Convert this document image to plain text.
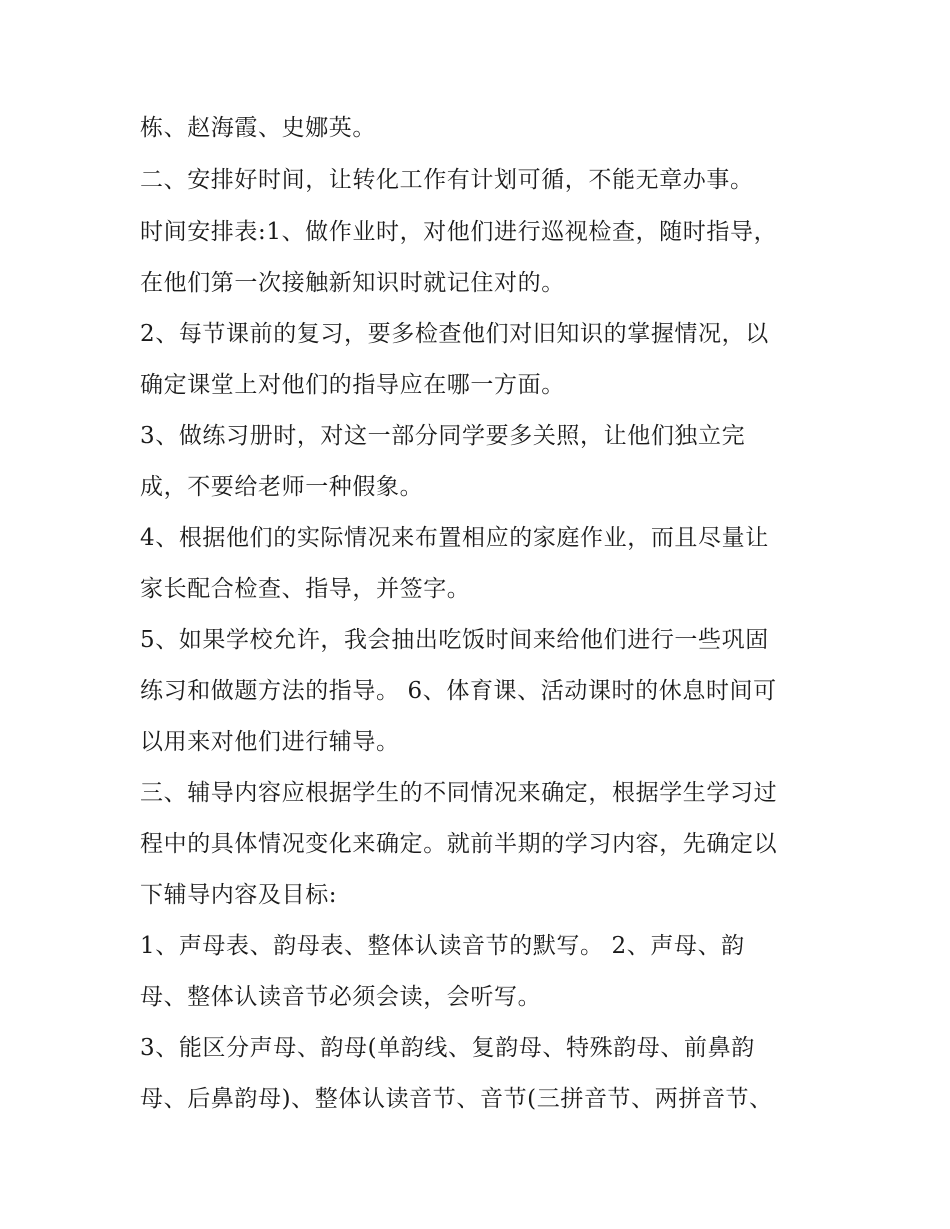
栋、赵海霞、史娜英。

二、安排好时间，让转化工作有计划可循，不能无章办事。

时间安排表:1、做作业时，对他们进行巡视检查，随时指导，

在他们第一次接触新知识时就记住对的。

2、每节课前的复习，要多检查他们对旧知识的掌握情况，以

确定课堂上对他们的指导应在哪一方面。

3、做练习册时，对这一部分同学要多关照，让他们独立完

成，不要给老师一种假象。

4、根据他们的实际情况来布置相应的家庭作业，而且尽量让

家长配合检查、指导，并签字。

5、如果学校允许，我会抽出吃饭时间来给他们进行一些巩固

练习和做题方法的指导。 6、体育课、活动课时的休息时间可

以用来对他们进行辅导。

三、辅导内容应根据学生的不同情况来确定，根据学生学习过

程中的具体情况变化来确定。就前半期的学习内容，先确定以

下辅导内容及目标:

1、声母表、韵母表、整体认读音节的默写。 2、声母、韵

母、整体认读音节必须会读，会听写。

3、能区分声母、韵母(单韵线、复韵母、特殊韵母、前鼻韵

母、后鼻韵母)、整体认读音节、音节(三拼音节、两拼音节、
